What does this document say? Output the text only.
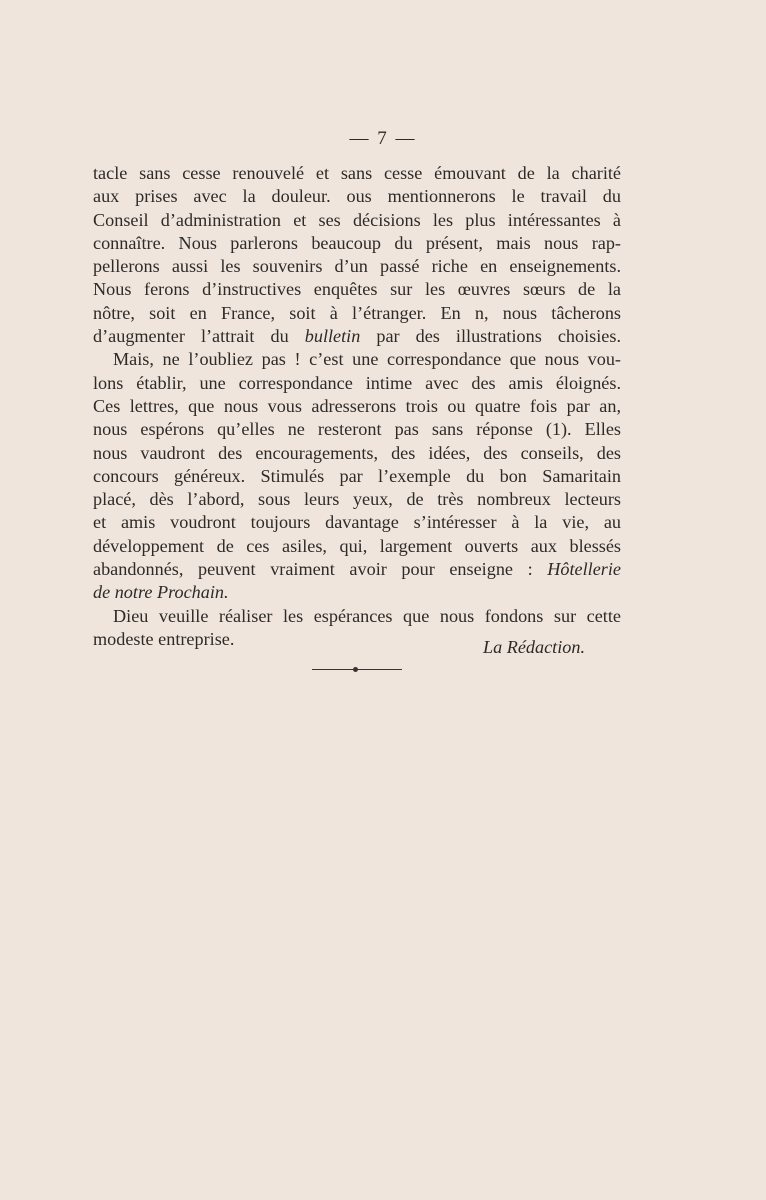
— 7 —

tacle sans cesse renouvelé et sans cesse émouvant de la charité
aux prises avec la douleur. ous mentionnerons le travail du
Conseil d’administration et ses décisions les plus intéressantes à
connaître. Nous parlerons beaucoup du présent, mais nous rap-
pellerons aussi les souvenirs d’un passé riche en enseignements.
Nous ferons d’instructives enquêtes sur les œuvres sœurs de la
nôtre, soit en France, soit à l’étranger. En n, nous tâcherons
d’augmenter l’attrait du bulletin par des illustrations choisies.

Mais, ne l’oubliez pas ! c’est une correspondance que nous vou-
lons établir, une correspondance intime avec des amis éloignés.
Ces lettres, que nous vous adresserons trois ou quatre fois par an,
nous espérons qu’elles ne resteront pas sans réponse (1). Elles
nous vaudront des encouragements, des idées, des conseils, des
concours généreux. Stimulés par l’exemple du bon Samaritain
placé, dès l’abord, sous leurs yeux, de très nombreux lecteurs
et amis voudront toujours davantage s’intéresser à la vie, au
développement de ces asiles, qui, largement ouverts aux blessés
abandonnés, peuvent vraiment avoir pour enseigne : Hôtellerie
de notre Prochain.

Dieu veuille réaliser les espérances que nous fondons sur cette
modeste entreprise.	La Rédaction.
